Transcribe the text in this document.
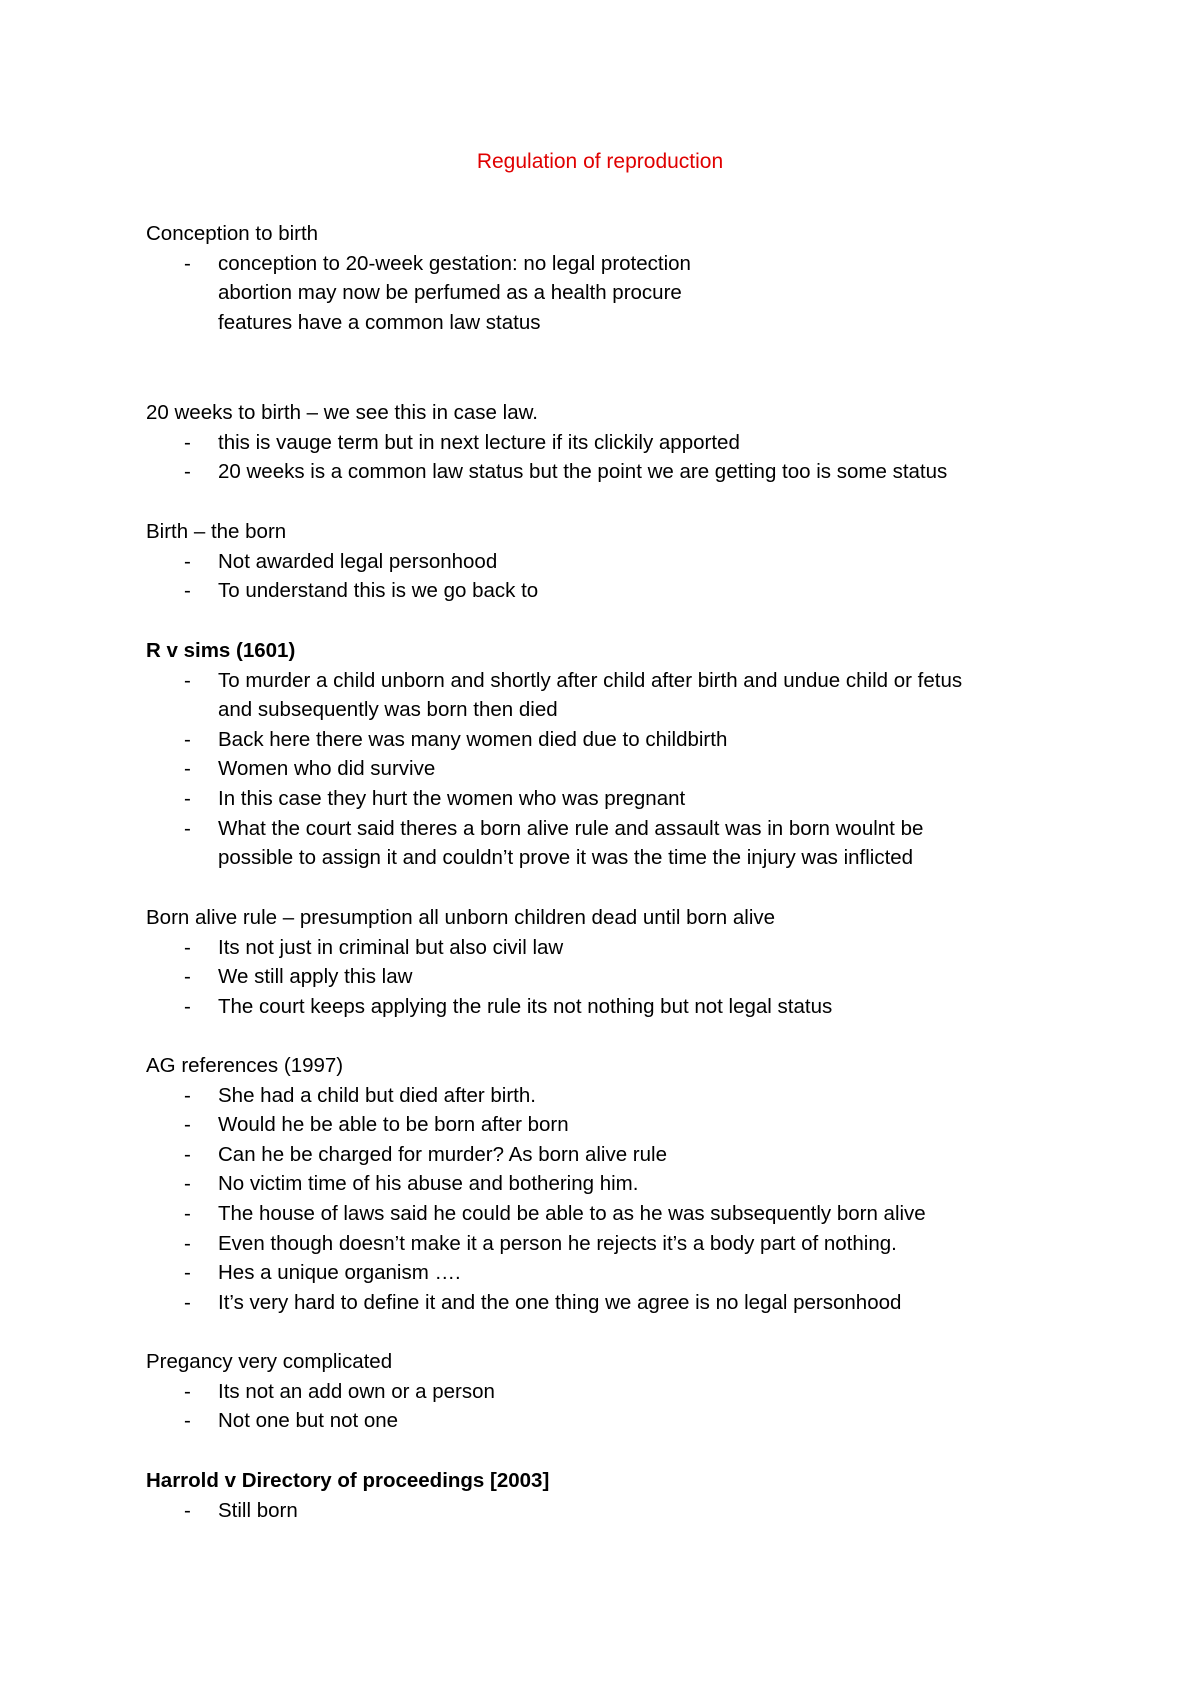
Regulation of reproduction
Conception to birth
- conception to 20-week gestation: no legal protection
abortion may now be perfumed as a health procure
features have a common law status
20 weeks to birth – we see this in case law.
- this is vauge term but in next lecture if its clickily apported
- 20 weeks is a common law status but the point we are getting too is some status
Birth – the born
- Not awarded legal personhood
- To understand this is we go back to
R v sims (1601)
- To murder a child unborn and shortly after child after birth and undue child or fetus
and subsequently was born then died
- Back here there was many women died due to childbirth
- Women who did survive
- In this case they hurt the women who was pregnant
- What the court said theres a born alive rule and assault was in born woulnt be
possible to assign it and couldn’t prove it was the time the injury was inflicted
Born alive rule – presumption all unborn children dead until born alive
- Its not just in criminal but also civil law
- We still apply this law
- The court keeps applying the rule its not nothing but not legal status
AG references (1997)
- She had a child but died after birth.
- Would he be able to be born after born
- Can he be charged for murder? As born alive rule
- No victim time of his abuse and bothering him.
- The house of laws said he could be able to as he was subsequently born alive
- Even though doesn’t make it a person he rejects it’s a body part of nothing.
- Hes a unique organism ….
- It’s very hard to define it and the one thing we agree is no legal personhood
Pregancy very complicated
- Its not an add own or a person
- Not one but not one
Harrold v Directory of proceedings [2003]
- Still born
